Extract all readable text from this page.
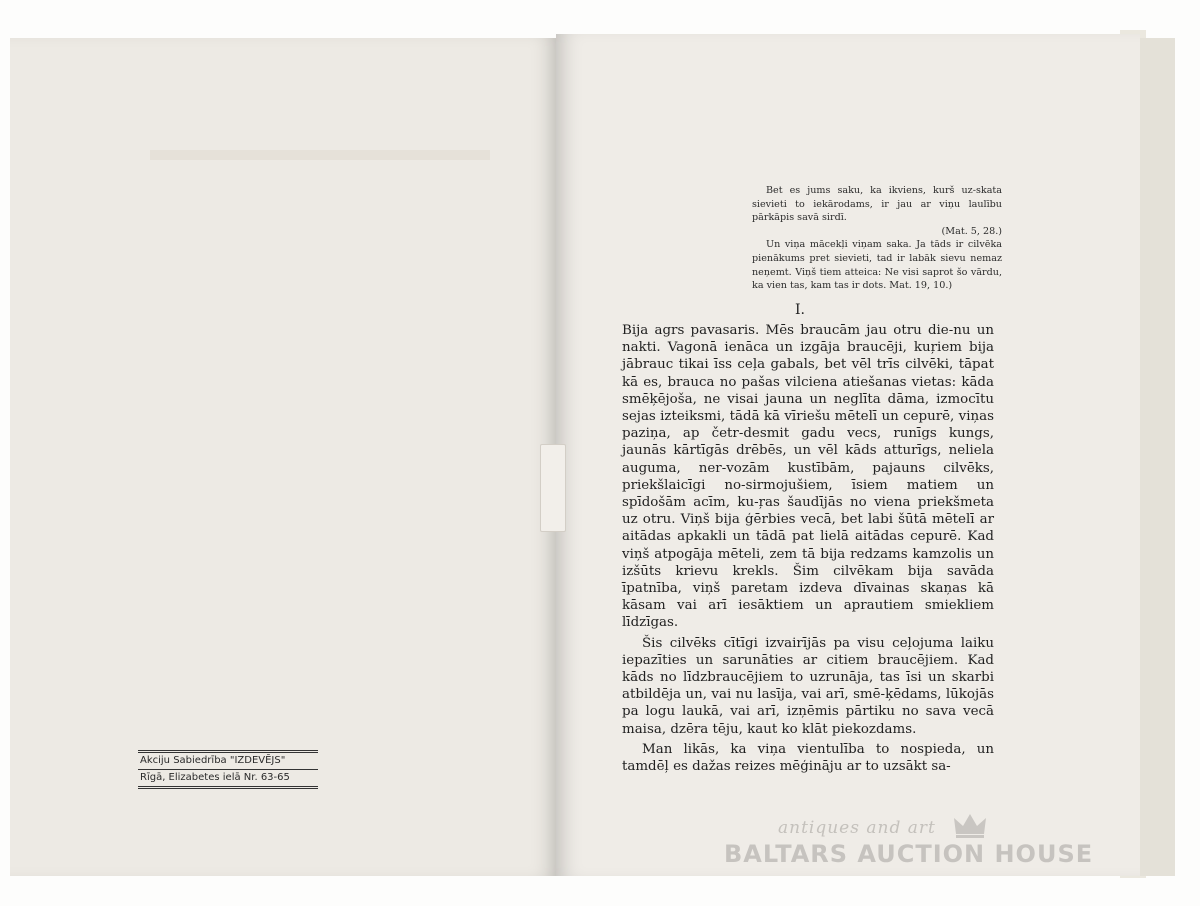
Akciju Sabiedrība "IZDEVĒJS"
Rīgā, Elizabetes ielā Nr. 63-65

Bet es jums saku, ka ikviens, kurš uz-skata sievieti to iekārodams, ir jau ar viņu laulību pārkāpis savā sirdī.

(Mat. 5, 28.)

Un viņa mācekļi viņam saka. Ja tāds ir cilvēka pienākums pret sievieti, tad ir labāk sievu nemaz neņemt. Viņš tiem atteica: Ne visi saprot šo vārdu, ka vien tas, kam tas ir dots. Mat. 19, 10.)

I.

Bija agrs pavasaris. Mēs braucām jau otru die-nu un nakti. Vagonā ienāca un izgāja braucēji, kuŗiem bija jābrauc tikai īss ceļa gabals, bet vēl trīs cilvēki, tāpat kā es, brauca no pašas vilciena atiešanas vietas: kāda smēķējoša, ne visai jauna un neglīta dāma, izmocītu sejas izteiksmi, tādā kā vīriešu mētelī un cepurē, viņas paziņa, ap četr-desmit gadu vecs, runīgs kungs, jaunās kārtīgās drēbēs, un vēl kāds atturīgs, neliela auguma, ner-vozām kustībām, pajauns cilvēks, priekšlaicīgi no-sirmojušiem, īsiem matiem un spīdošām acīm, ku-ŗas šaudījās no viena priekšmeta uz otru. Viņš bija ģērbies vecā, bet labi šūtā mētelī ar aitādas apkakli un tādā pat lielā aitādas cepurē. Kad viņš atpogāja mēteli, zem tā bija redzams kamzolis un izšūts krievu krekls. Šim cilvēkam bija savāda īpatnība, viņš paretam izdeva dīvainas skaņas kā kāsam vai arī iesāktiem un aprautiem smiekliem līdzīgas.

Šis cilvēks cītīgi izvairījās pa visu ceļojuma laiku iepazīties un sarunāties ar citiem braucējiem. Kad kāds no līdzbraucējiem to uzrunāja, tas īsi un skarbi atbildēja un, vai nu lasīja, vai arī, smē-ķēdams, lūkojās pa logu laukā, vai arī, izņēmis pārtiku no sava vecā maisa, dzēra tēju, kaut ko klāt piekozdams.

Man likās, ka viņa vientulība to nospieda, un tamdēļ es dažas reizes mēģināju ar to uzsākt sa-

antiques and art
BALTARS AUCTION HOUSE
